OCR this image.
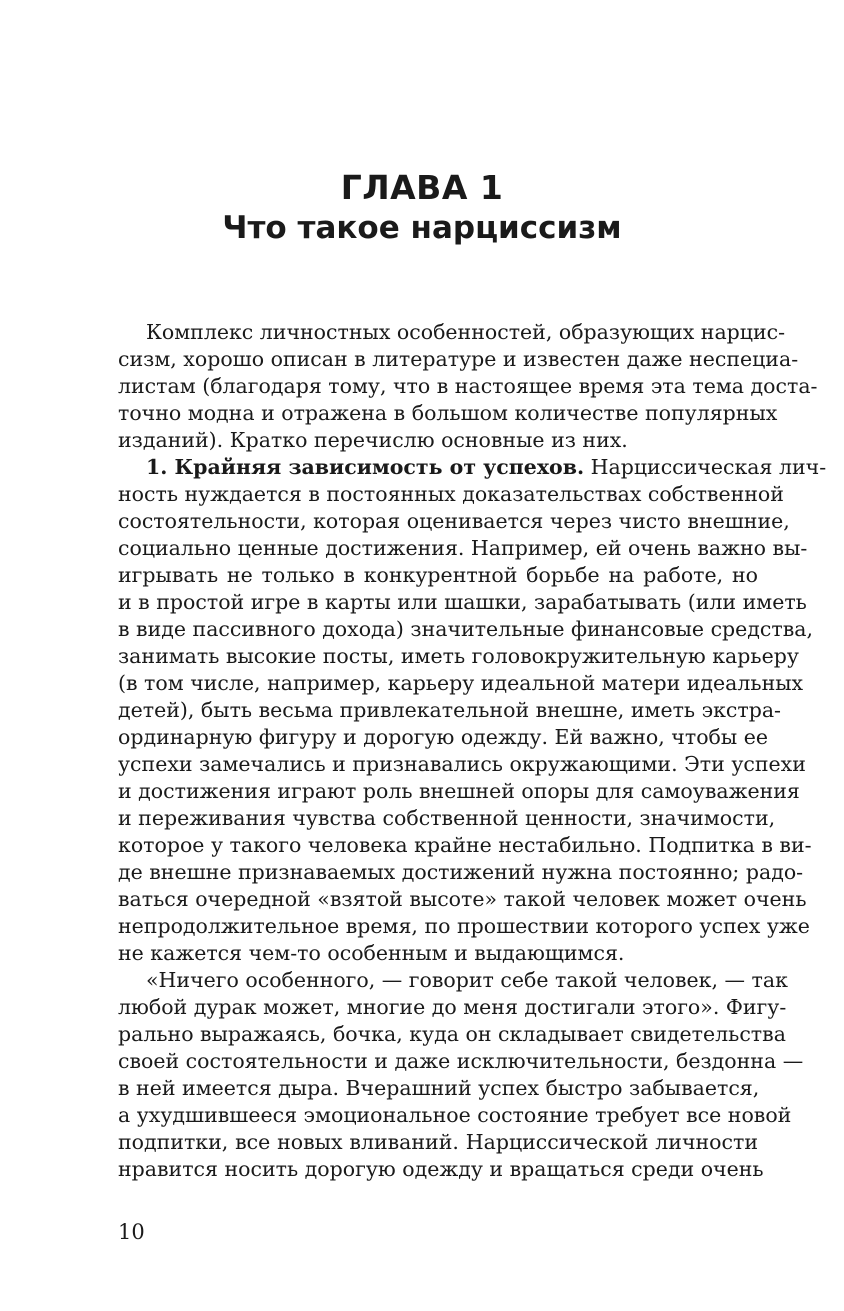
ГЛАВА 1
Что такое нарциссизм
Комплекс личностных особенностей, образующих нарцис-
сизм, хорошо описан в литературе и известен даже неспециа-
листам (благодаря тому, что в настоящее время эта тема доста-
точно модна и отражена в большом количестве популярных
изданий). Кратко перечислю основные из них.
1. Крайняя зависимость от успехов. Нарциссическая лич-
ность нуждается в постоянных доказательствах собственной
состоятельности, которая оценивается через чисто внешние,
социально ценные достижения. Например, ей очень важно вы-
игрывать не только в конкурентной борьбе на работе, но
и в простой игре в карты или шашки, зарабатывать (или иметь
в виде пассивного дохода) значительные финансовые средства,
занимать высокие посты, иметь головокружительную карьеру
(в том числе, например, карьеру идеальной матери идеальных
детей), быть весьма привлекательной внешне, иметь экстра-
ординарную фигуру и дорогую одежду. Ей важно, чтобы ее
успехи замечались и признавались окружающими. Эти успехи
и достижения играют роль внешней опоры для самоуважения
и переживания чувства собственной ценности, значимости,
которое у такого человека крайне нестабильно. Подпитка в ви-
де внешне признаваемых достижений нужна постоянно; радо-
ваться очередной «взятой высоте» такой человек может очень
непродолжительное время, по прошествии которого успех уже
не кажется чем-то особенным и выдающимся.
«Ничего особенного, — говорит себе такой человек, — так
любой дурак может, многие до меня достигали этого». Фигу-
рально выражаясь, бочка, куда он складывает свидетельства
своей состоятельности и даже исключительности, бездонна —
в ней имеется дыра. Вчерашний успех быстро забывается,
а ухудшившееся эмоциональное состояние требует все новой
подпитки, все новых вливаний. Нарциссической личности
нравится носить дорогую одежду и вращаться среди очень
10
